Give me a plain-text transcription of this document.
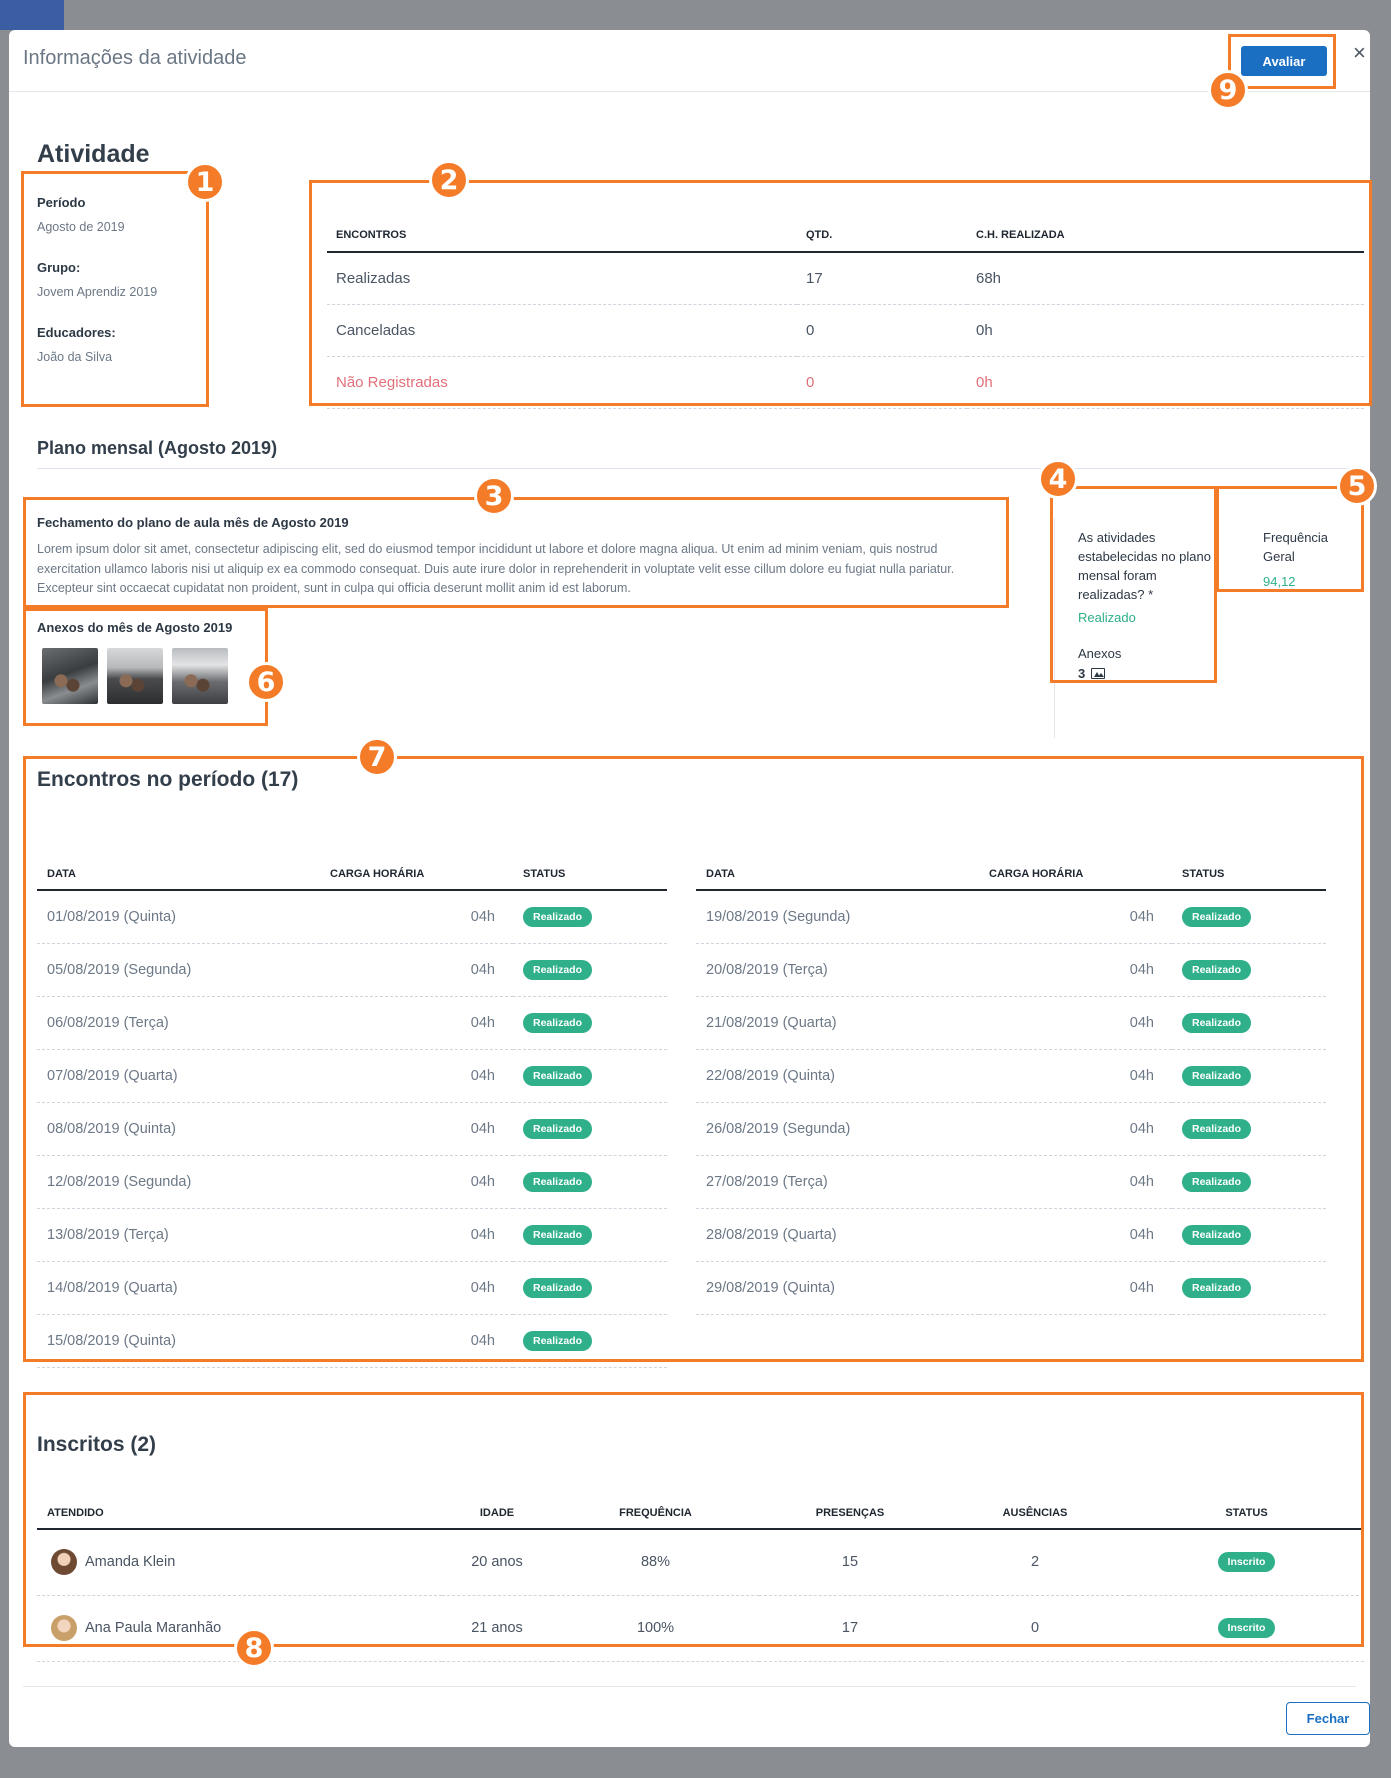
Informações da atividade	Avaliar	×
Atividade
Período
Agosto de 2019
Grupo:
Jovem Aprendiz 2019
Educadores:
João da Silva
ENCONTROS	QTD.	C.H. REALIZADA
Realizadas	17	68h
Canceladas	0	0h
Não Registradas	0	0h
Plano mensal (Agosto 2019)
Fechamento do plano de aula mês de Agosto 2019
Lorem ipsum dolor sit amet, consectetur adipiscing elit, sed do eiusmod tempor incididunt ut labore et dolore magna aliqua. Ut enim ad minim veniam, quis nostrud exercitation ullamco laboris nisi ut aliquip ex ea commodo consequat. Duis aute irure dolor in reprehenderit in voluptate velit esse cillum dolore eu fugiat nulla pariatur. Excepteur sint occaecat cupidatat non proident, sunt in culpa qui officia deserunt mollit anim id est laborum.
Anexos do mês de Agosto 2019
As atividades estabelecidas no plano mensal foram realizadas? *
Realizado
Anexos
3
Frequência Geral
94,12
Encontros no período (17)
DATA	CARGA HORÁRIA	STATUS
01/08/2019 (Quinta)	04h	Realizado
05/08/2019 (Segunda)	04h	Realizado
06/08/2019 (Terça)	04h	Realizado
07/08/2019 (Quarta)	04h	Realizado
08/08/2019 (Quinta)	04h	Realizado
12/08/2019 (Segunda)	04h	Realizado
13/08/2019 (Terça)	04h	Realizado
14/08/2019 (Quarta)	04h	Realizado
15/08/2019 (Quinta)	04h	Realizado
DATA	CARGA HORÁRIA	STATUS
19/08/2019 (Segunda)	04h	Realizado
20/08/2019 (Terça)	04h	Realizado
21/08/2019 (Quarta)	04h	Realizado
22/08/2019 (Quinta)	04h	Realizado
26/08/2019 (Segunda)	04h	Realizado
27/08/2019 (Terça)	04h	Realizado
28/08/2019 (Quarta)	04h	Realizado
29/08/2019 (Quinta)	04h	Realizado
Inscritos (2)
ATENDIDO	IDADE	FREQUÊNCIA	PRESENÇAS	AUSÊNCIAS	STATUS
Amanda Klein	20 anos	88%	15	2	Inscrito
Ana Paula Maranhão	21 anos	100%	17	0	Inscrito
Fechar
1	2
3
4	5
6
7
8
9
